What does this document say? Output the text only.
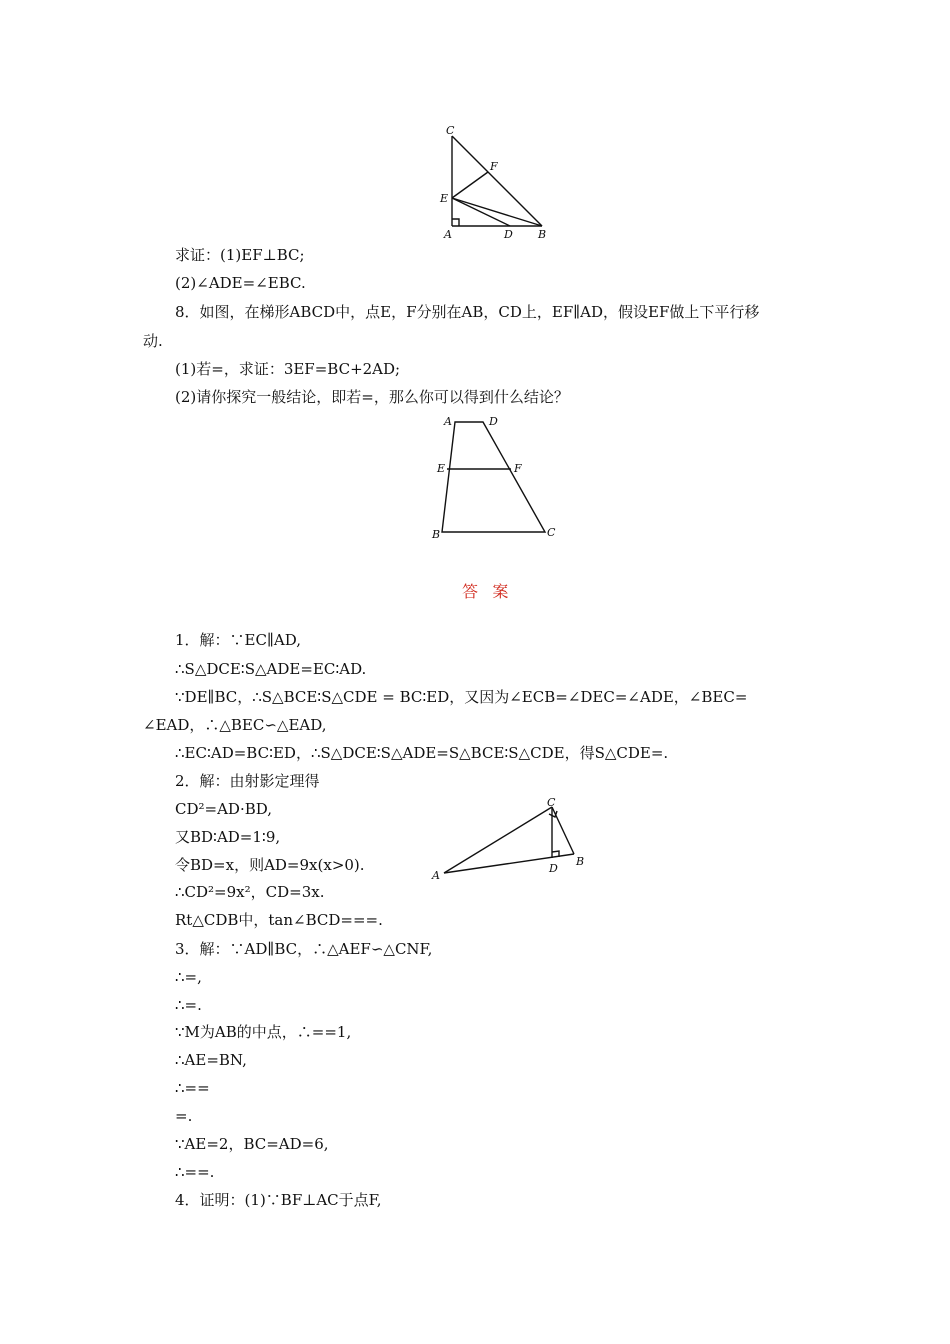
C
F
E
A	D B
求证：(1)EF⊥BC;
(2)∠ADE=∠EBC.
8．如图，在梯形ABCD中，点E，F分别在AB，CD上，EF∥AD，假设EF做上下平行移
动.
(1)若=，求证：3EF=BC+2AD;
(2)请你探究一般结论，即若=，那么你可以得到什么结论？
A	D
E	F
B	C
答案
1．解：∵EC∥AD,
∴S△DCE∶S△ADE=EC∶AD.
∵DE∥BC，∴S△BCE∶S△CDE = BC∶ED，又因为∠ECB=∠DEC=∠ADE，∠BEC=
∠EAD，∴△BEC∽△EAD,
∴EC∶AD=BC∶ED，∴S△DCE∶S△ADE=S△BCE∶S△CDE，得S△CDE=.
2．解：由射影定理得
CD²=AD·BD,
又BD∶AD=1∶9,
令BD=x，则AD=9x(x>0).
∴CD²=9x²，CD=3x.
Rt△CDB中，tan∠BCD===.
3．解：∵AD∥BC，∴△AEF∽△CNF,
∴=,
∴=.
∵M为AB的中点，∴==1,
∴AE=BN,
∴==
=.
∵AE=2，BC=AD=6,
∴==.
4．证明：(1)∵BF⊥AC于点F,
C
A
D
B
